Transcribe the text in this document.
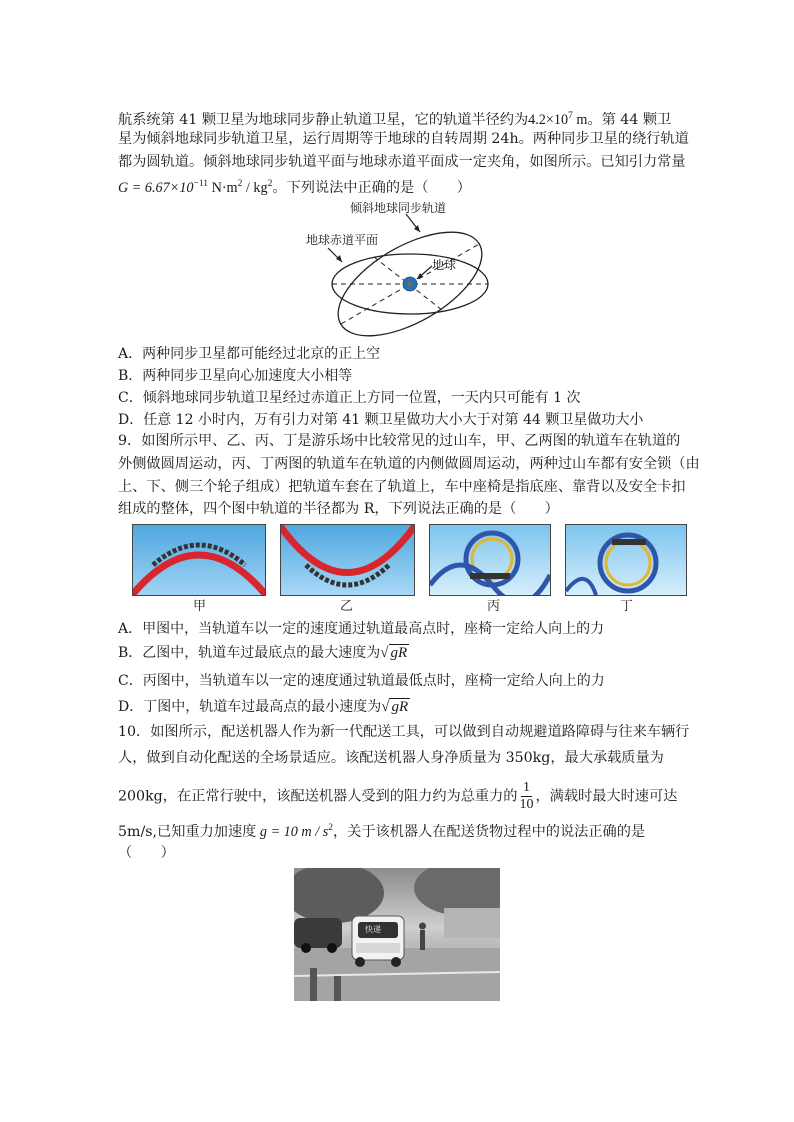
航系统第 41 颗卫星为地球同步静止轨道卫星，它的轨道半径约为$4.2\times 10^7$ m。第 44 颗卫
星为倾斜地球同步轨道卫星，运行周期等于地球的自转周期 24h。两种同步卫星的绕行轨道
都为圆轨道。倾斜地球同步轨道平面与地球赤道平面成一定夹角，如图所示。已知引力常量
$G = 6.67\times 10^{-11}$ $N\cdot m^2 / kg^2$。下列说法中正确的是（　　）
倾斜地球同步轨道
地球赤道平面
地球
A．两种同步卫星都可能经过北京的正上空
B．两种同步卫星向心加速度大小相等
C．倾斜地球同步轨道卫星经过赤道正上方同一位置，一天内只可能有 1 次
D．任意 12 小时内，万有引力对第 41 颗卫星做功大小大于对第 44 颗卫星做功大小
9．如图所示甲、乙、丙、丁是游乐场中比较常见的过山车，甲、乙两图的轨道车在轨道的
外侧做圆周运动，丙、丁两图的轨道车在轨道的内侧做圆周运动，两种过山车都有安全锁（由
上、下、侧三个轮子组成）把轨道车套在了轨道上，车中座椅是指底座、靠背以及安全卡扣
组成的整体，四个图中轨道的半径都为 R，下列说法正确的是（　　）
甲	乙	丙	丁
A．甲图中，当轨道车以一定的速度通过轨道最高点时，座椅一定给人向上的力
B．乙图中，轨道车过最底点的最大速度为√ gR
C．丙图中，当轨道车以一定的速度通过轨道最低点时，座椅一定给人向上的力
D．丁图中，轨道车过最高点的最小速度为√ gR
10．如图所示，配送机器人作为新一代配送工具，可以做到自动规避道路障碍与往来车辆行
人，做到自动化配送的全场景适应。该配送机器人身净质量为 350kg，最大承载质量为
200kg，在正常行驶中，该配送机器人受到的阻力约为总重力的 $\frac{1}{10}$ ，满载时最大时速可达
5m/s,已知重力加速度 g = 10 m / $s^2$，关于该机器人在配送货物过程中的说法正确的是
（　　）
快递
